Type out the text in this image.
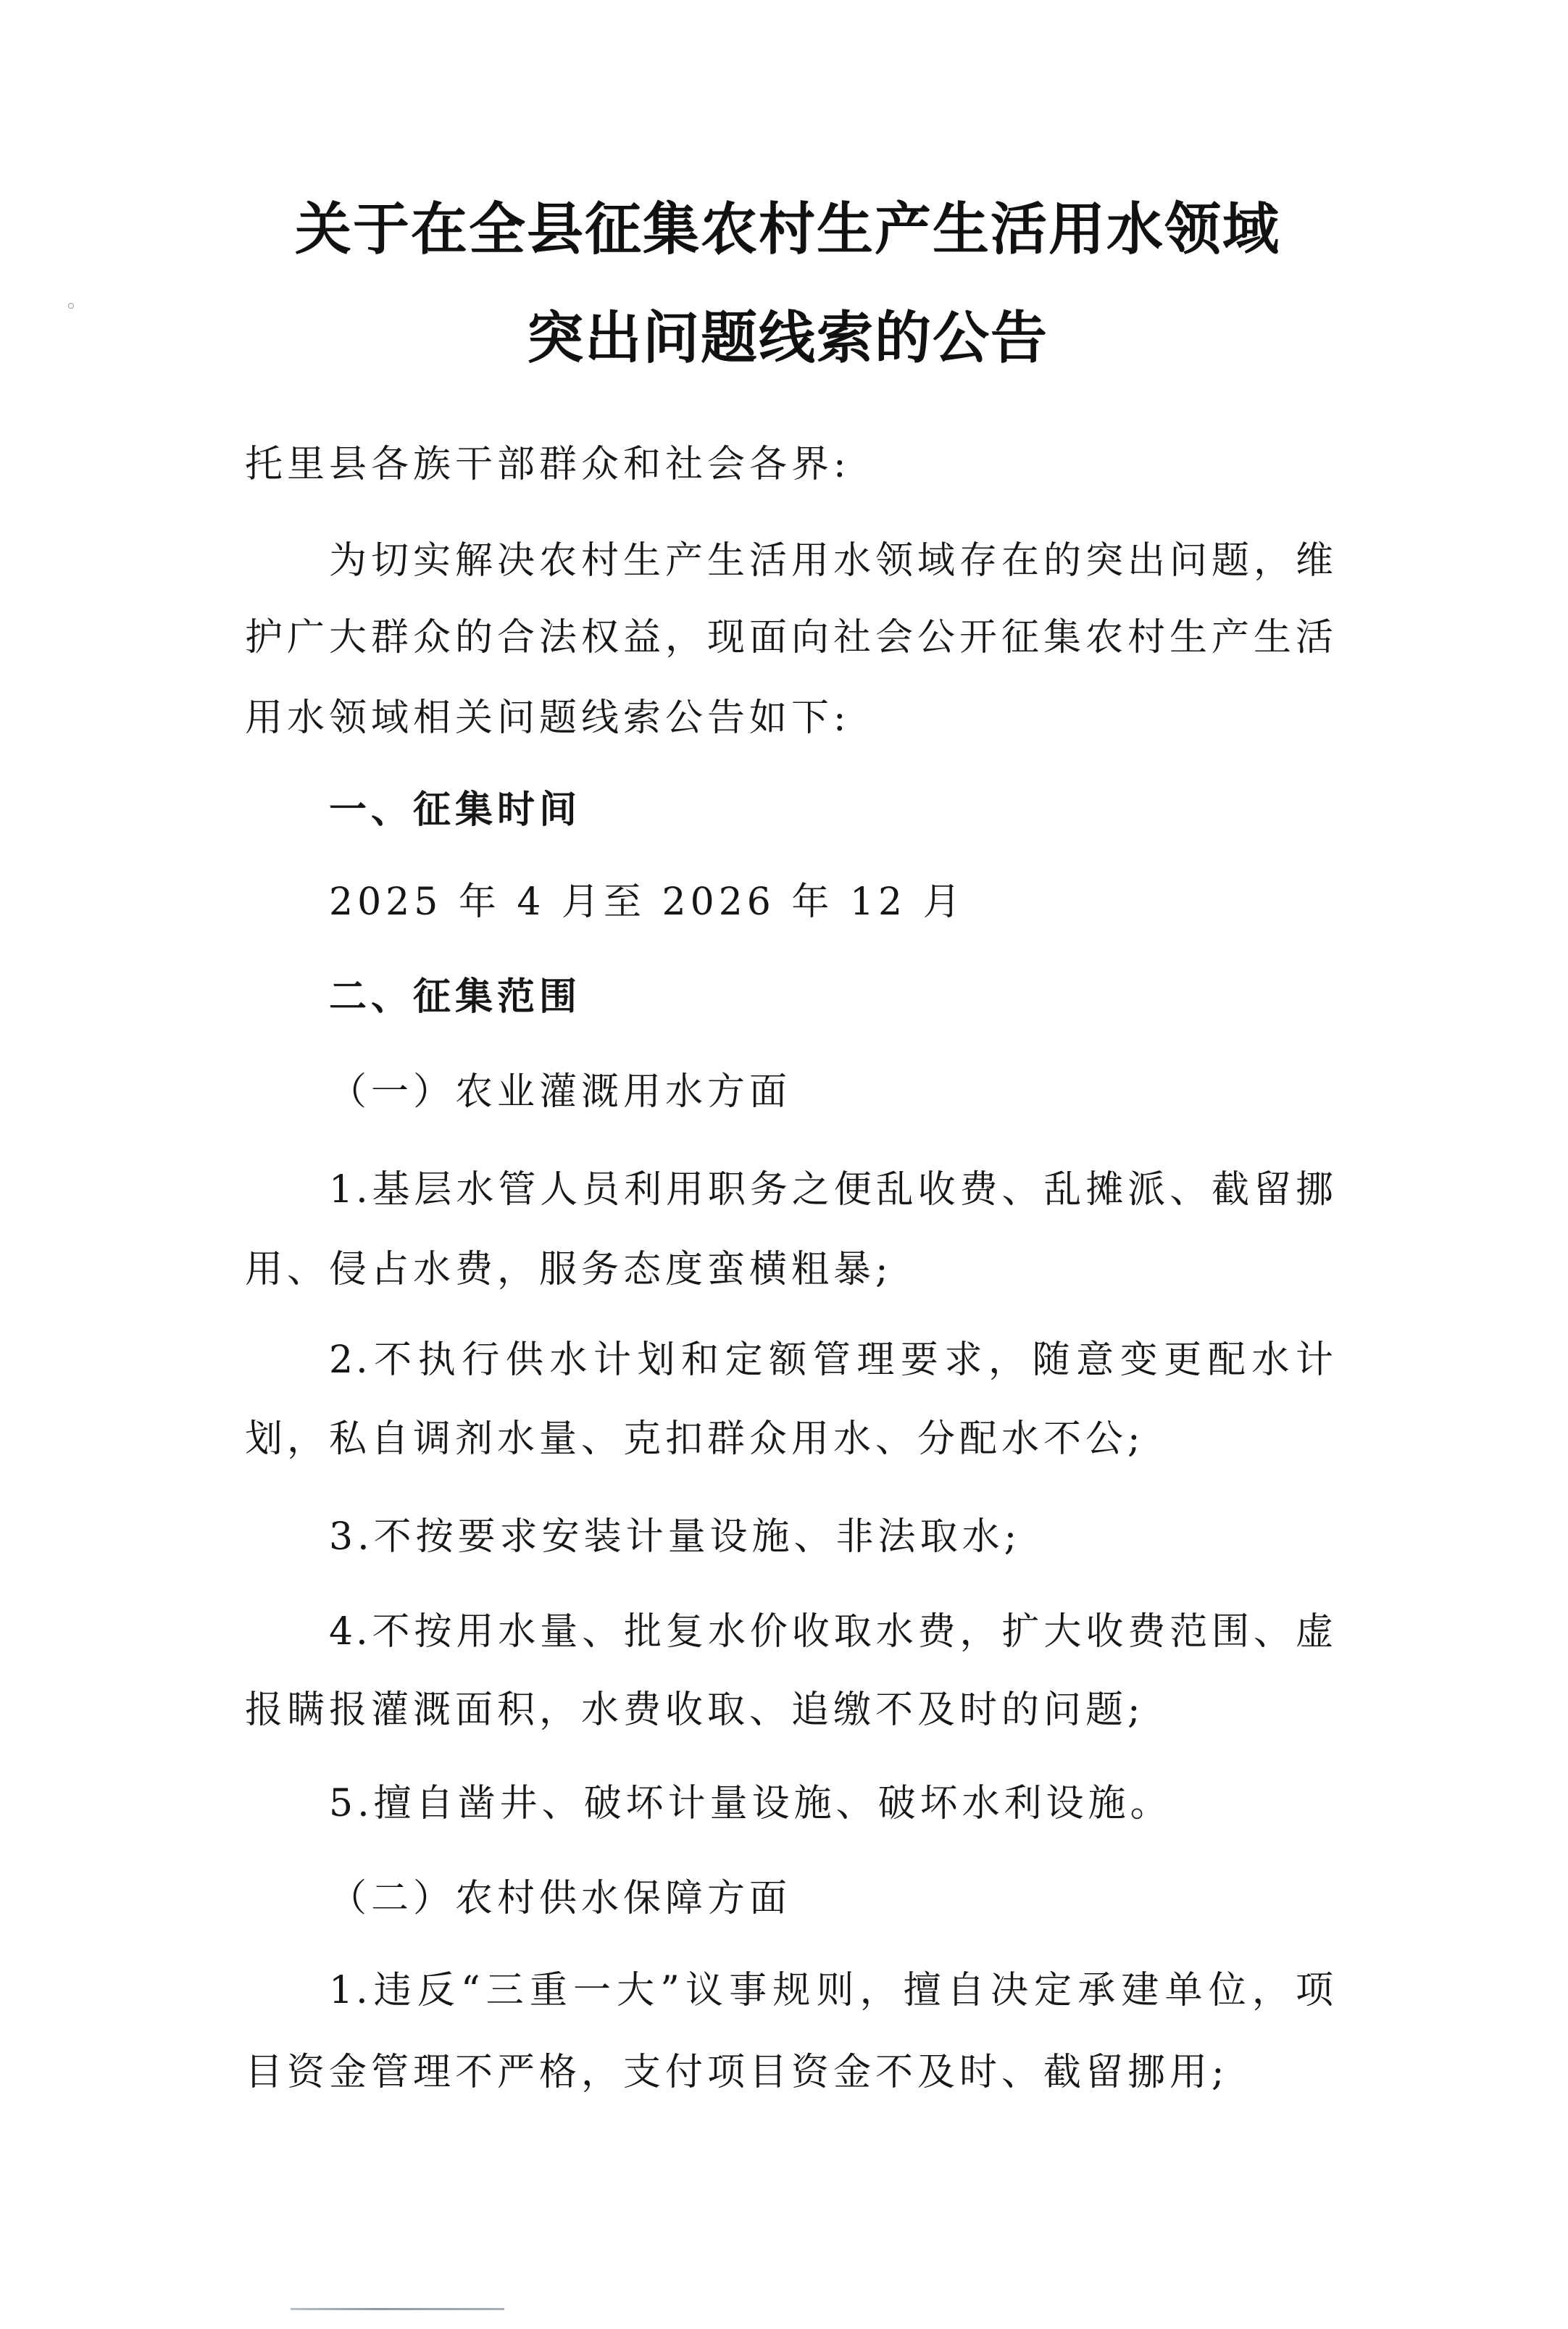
关于在全县征集农村生产生活用水领域
突出问题线索的公告
托里县各族干部群众和社会各界:
为切实解决农村生产生活用水领域存在的突出问题，维
护广大群众的合法权益，现面向社会公开征集农村生产生活
用水领域相关问题线索公告如下:
一、征集时间
2025 年 4 月至 2026 年 12 月
二、征集范围
（一）农业灌溉用水方面
1.基层水管人员利用职务之便乱收费、乱摊派、截留挪
用、侵占水费，服务态度蛮横粗暴;
2.不执行供水计划和定额管理要求，随意变更配水计
划，私自调剂水量、克扣群众用水、分配水不公;
3.不按要求安装计量设施、非法取水;
4.不按用水量、批复水价收取水费，扩大收费范围、虚
报瞒报灌溉面积，水费收取、追缴不及时的问题;
5.擅自凿井、破坏计量设施、破坏水利设施。
（二）农村供水保障方面
1.违反“三重一大”议事规则，擅自决定承建单位，项
目资金管理不严格，支付项目资金不及时、截留挪用;
